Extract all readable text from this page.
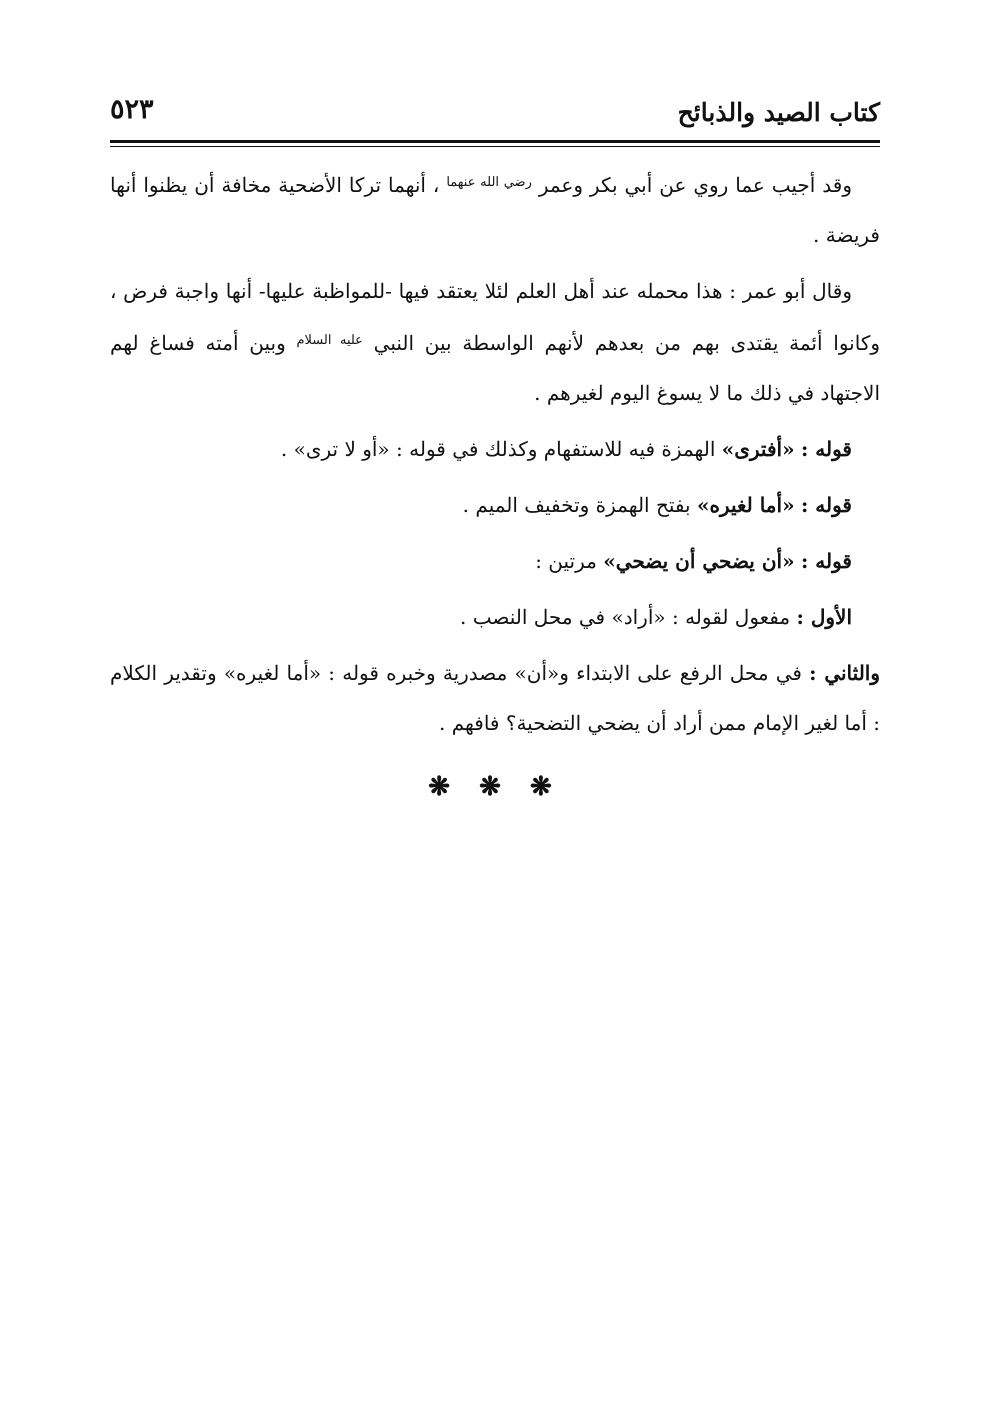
كتاب الصيد والذبائح
٥٢٣

وقد أجيب عما روي عن أبي بكر وعمر $^{رضي الله عنهما}$ ، أنهما تركا الأضحية مخافة أن يظنوا أنها فريضة .

وقال أبو عمر : هذا محمله عند أهل العلم لئلا يعتقد فيها -للمواظبة عليها- أنها واجبة فرض ، وكانوا أئمة يقتدى بهم من بعدهم لأنهم الواسطة بين النبي $^{عليه السلام}$ وبين أمته فساغ لهم الاجتهاد في ذلك ما لا يسوغ اليوم لغيرهم .

قوله : «أفترى» الهمزة فيه للاستفهام وكذلك في قوله : «أو لا ترى» .

قوله : «أما لغيره» بفتح الهمزة وتخفيف الميم .

قوله : «أن يضحي أن يضحي» مرتين :

الأول : مفعول لقوله : «أراد» في محل النصب .

والثاني : في محل الرفع على الابتداء و«أن» مصدرية وخبره قوله : «أما لغيره» وتقدير الكلام : أما لغير الإمام ممن أراد أن يضحي التضحية؟ فافهم .

❋ ❋ ❋
